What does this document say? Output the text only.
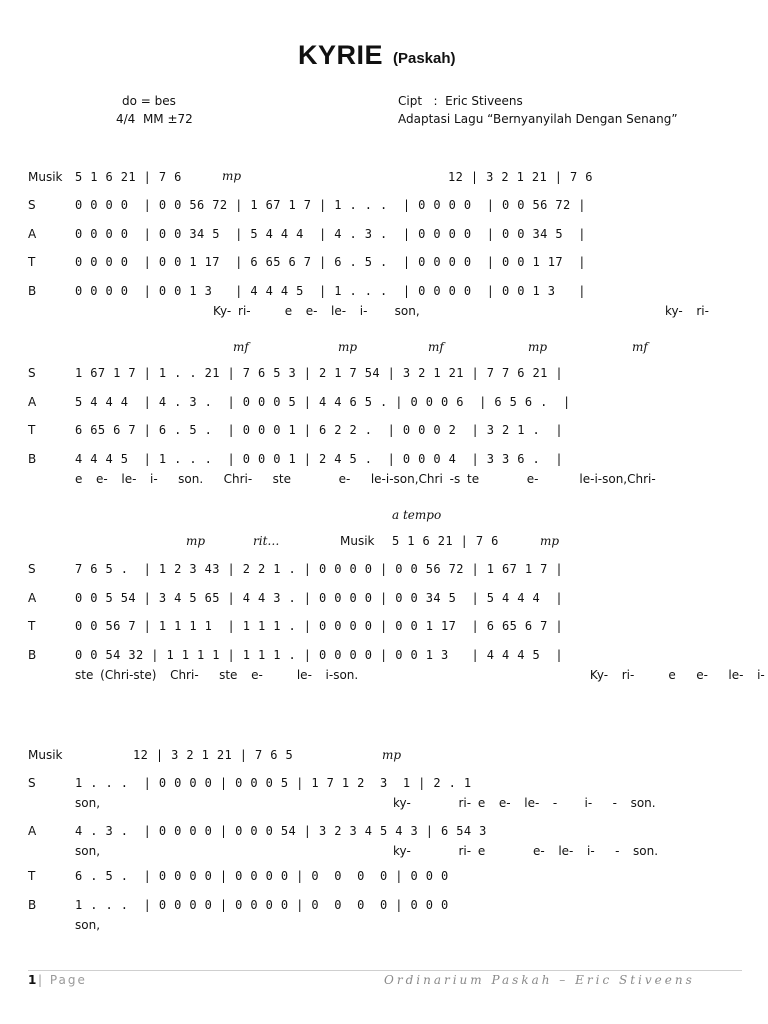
KYRIE (Paskah)
do = bes
4/4  MM ±72
Cipt   :  Eric Stiveens
Adaptasi Lagu “Bernyanyilah Dengan Senang”
mp
Musik 5 1 6 21 | 7 6	12 | 3 2 1 21 | 7 6
S	0 0 0 0  | 0 0 56 72 | 1 67 1 7 | 1 . . .  | 0 0 0 0  | 0 0 56 72 |
A	0 0 0 0  | 0 0 34 5  | 5 4 4 4  | 4 . 3 .  | 0 0 0 0  | 0 0 34 5  |
T	0 0 0 0  | 0 0 1 17  | 6 65 6 7 | 6 . 5 .  | 0 0 0 0  | 0 0 1 17  |
B	0 0 0 0  | 0 0 1 3   | 4 4 4 5  | 1 . . .  | 0 0 0 0  | 0 0 1 3   |
Ky- ri-     e  e-  le-  i-    son,                                    ky-  ri-
mf	mp	mf	mp	mf
S	1 67 1 7 | 1 . . 21 | 7 6 5 3 | 2 1 7 54 | 3 2 1 21 | 7 7 6 21 |
A	5 4 4 4  | 4 . 3 .  | 0 0 0 5 | 4 4 6 5 . | 0 0 0 6  | 6 5 6 .  |
T	6 65 6 7 | 6 . 5 .  | 0 0 0 1 | 6 2 2 .  | 0 0 0 2  | 3 2 1 .  |
B	4 4 4 5  | 1 . . .  | 0 0 0 1 | 2 4 5 .  | 0 0 0 4  | 3 3 6 .  |
e  e-  le-  i-   son.   Chri-   ste       e-   le-i-son,Chri -s te       e-      le-i-son,Chri-
a tempo
mp	rit…	Musik 5 1 6 21 | 7 6	mp
S	7 6 5 .  | 1 2 3 43 | 2 2 1 . | 0 0 0 0 | 0 0 56 72 | 1 67 1 7 |
A	0 0 5 54 | 3 4 5 65 | 4 4 3 . | 0 0 0 0 | 0 0 34 5  | 5 4 4 4  |
T	0 0 56 7 | 1 1 1 1  | 1 1 1 . | 0 0 0 0 | 0 0 1 17  | 6 65 6 7 |
B	0 0 54 32 | 1 1 1 1 | 1 1 1 . | 0 0 0 0 | 0 0 1 3   | 4 4 4 5  |
ste (Chri-ste)  Chri-   ste  e-     le-  i-son.                                  Ky-  ri-     e   e-   le-  i-
Musik	12 | 3 2 1 21 | 7 6 5	mp
S	1 . . .  | 0 0 0 0 | 0 0 0 5 | 1 7 1 2  3  1 | 2 . 1
son,                                           ky-       ri- e  e-  le-  -    i-   -  son.
A	4 . 3 .  | 0 0 0 0 | 0 0 0 54 | 3 2 3 4 5 4 3 | 6 54 3
son,                                           ky-       ri- e       e-  le-  i-   -  son.
T	6 . 5 .  | 0 0 0 0 | 0 0 0 0 | 0  0  0  0 | 0 0 0
B	1 . . .  | 0 0 0 0 | 0 0 0 0 | 0  0  0  0 | 0 0 0
son,
1 | Page	Ordinarium Paskah – Eric Stiveens
